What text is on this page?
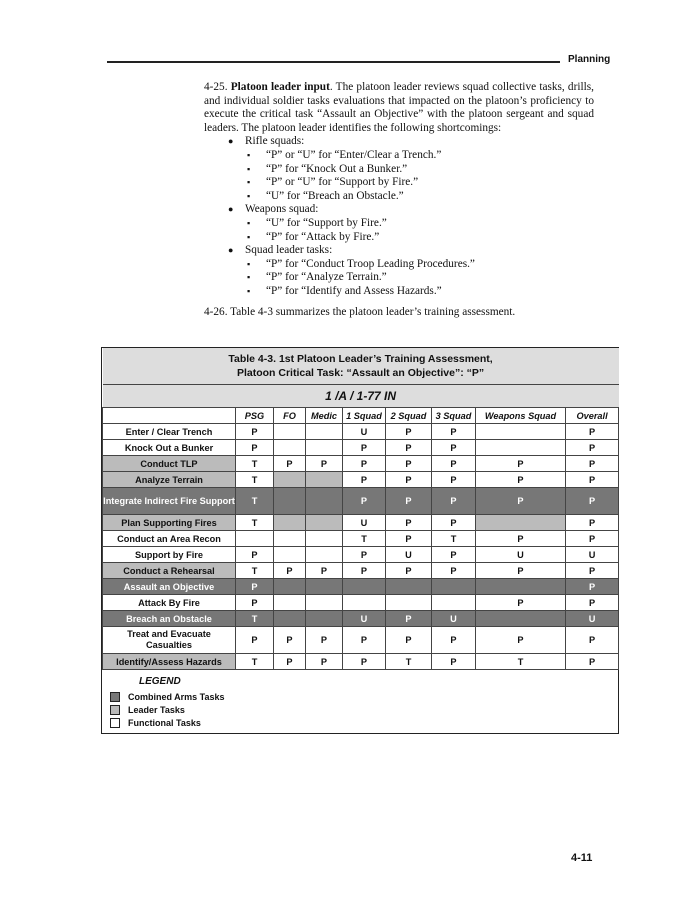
Planning

4-25. Platoon leader input. The platoon leader reviews squad collective tasks, drills, and individual soldier tasks evaluations that impacted on the platoon’s proficiency to execute the critical task “Assault an Objective” with the platoon sergeant and squad leaders. The platoon leader identifies the following shortcomings:

● Rifle squads:
▪ “P” or “U” for “Enter/Clear a Trench.”
▪ “P” for “Knock Out a Bunker.”
▪ “P” or “U” for “Support by Fire.”
▪ “U” for “Breach an Obstacle.”
● Weapons squad:
▪ “U” for “Support by Fire.”
▪ “P” for “Attack by Fire.”
● Squad leader tasks:
▪ “P” for “Conduct Troop Leading Procedures.”
▪ “P” for “Analyze Terrain.”
▪ “P” for “Identify and Assess Hazards.”

4-26. Table 4-3 summarizes the platoon leader’s training assessment.

Table 4-3. 1st Platoon Leader’s Training Assessment,
Platoon Critical Task: “Assault an Objective”: “P”								

1 /A / 1-77 IN								
	PSG	FO	Medic	1 Squad	2 Squad	3 Squad	Weapons Squad	Overall
Enter / Clear Trench	P			U	P	P		P
Knock Out a Bunker	P			P	P	P		P
Conduct TLP	T	P	P	P	P	P	P	P
Analyze Terrain	T			P	P	P	P	P
Integrate Indirect Fire Support	T			P	P	P	P	P
Plan Supporting Fires	T			U	P	P		P
Conduct an Area Recon				T	P	T	P	P
Support by Fire	P			P	U	P	U	U
Conduct a Rehearsal	T	P	P	P	P	P	P	P
Assault an Objective	P							P
Attack By Fire	P						P	P
Breach an Obstacle	T			U	P	U		U
Treat and Evacuate Casualties	P	P	P	P	P	P	P	P
Identify/Assess Hazards	T	P	P	P	T	P	T	P
LEGEND
Combined Arms Tasks
Leader Tasks
Functional Tasks
4-11
